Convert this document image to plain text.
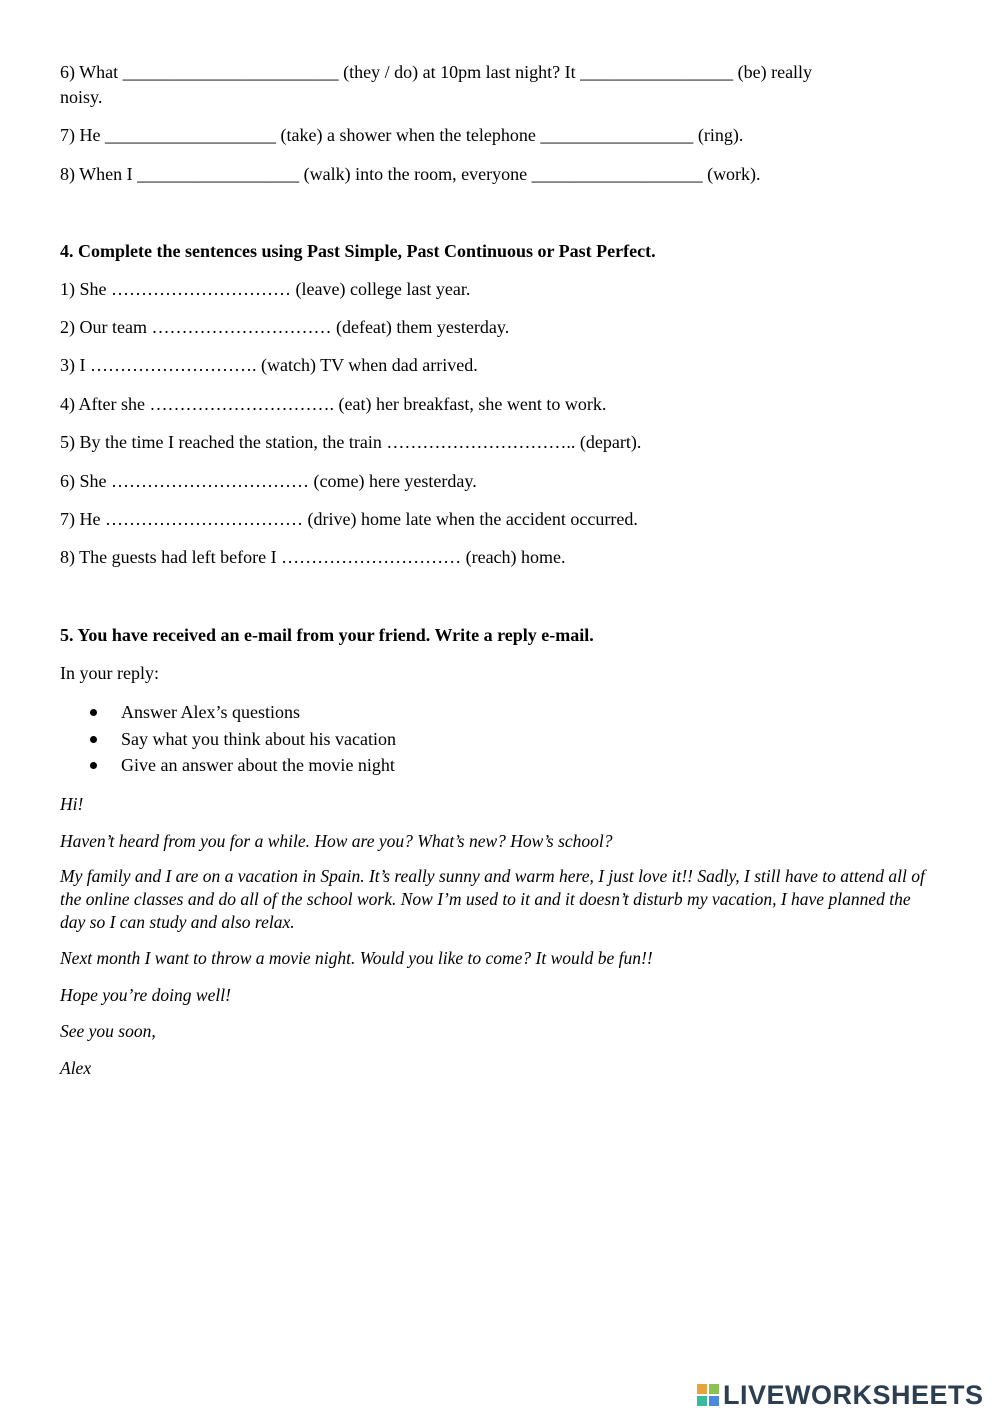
6) What ________________________ (they / do) at 10pm last night? It _________________ (be) really
noisy.
7) He ___________________ (take) a shower when the telephone _________________ (ring).
8) When I __________________ (walk) into the room, everyone ___________________ (work).
4. Complete the sentences using Past Simple, Past Continuous or Past Perfect.
1) She ………………………… (leave) college last year.
2) Our team ………………………… (defeat) them yesterday.
3) I ………………………. (watch) TV when dad arrived.
4) After she …………………………. (eat) her breakfast, she went to work.
5) By the time I reached the station, the train ………………………….. (depart).
6) She …………………………… (come) here yesterday.
7) He …………………………… (drive) home late when the accident occurred.
8) The guests had left before I ………………………… (reach) home.
5. You have received an e-mail from your friend. Write a reply e-mail.
In your reply:
Answer Alex’s questions
Say what you think about his vacation
Give an answer about the movie night
Hi!
Haven’t heard from you for a while. How are you? What’s new? How’s school?
My family and I are on a vacation in Spain. It’s really sunny and warm here, I just love it!! Sadly, I still have to attend all of the online classes and do all of the school work. Now I’m used to it and it doesn’t disturb my vacation, I have planned the day so I can study and also relax.
Next month I want to throw a movie night. Would you like to come? It would be fun!!
Hope you’re doing well!
See you soon,
Alex
LIVEWORKSHEETS
